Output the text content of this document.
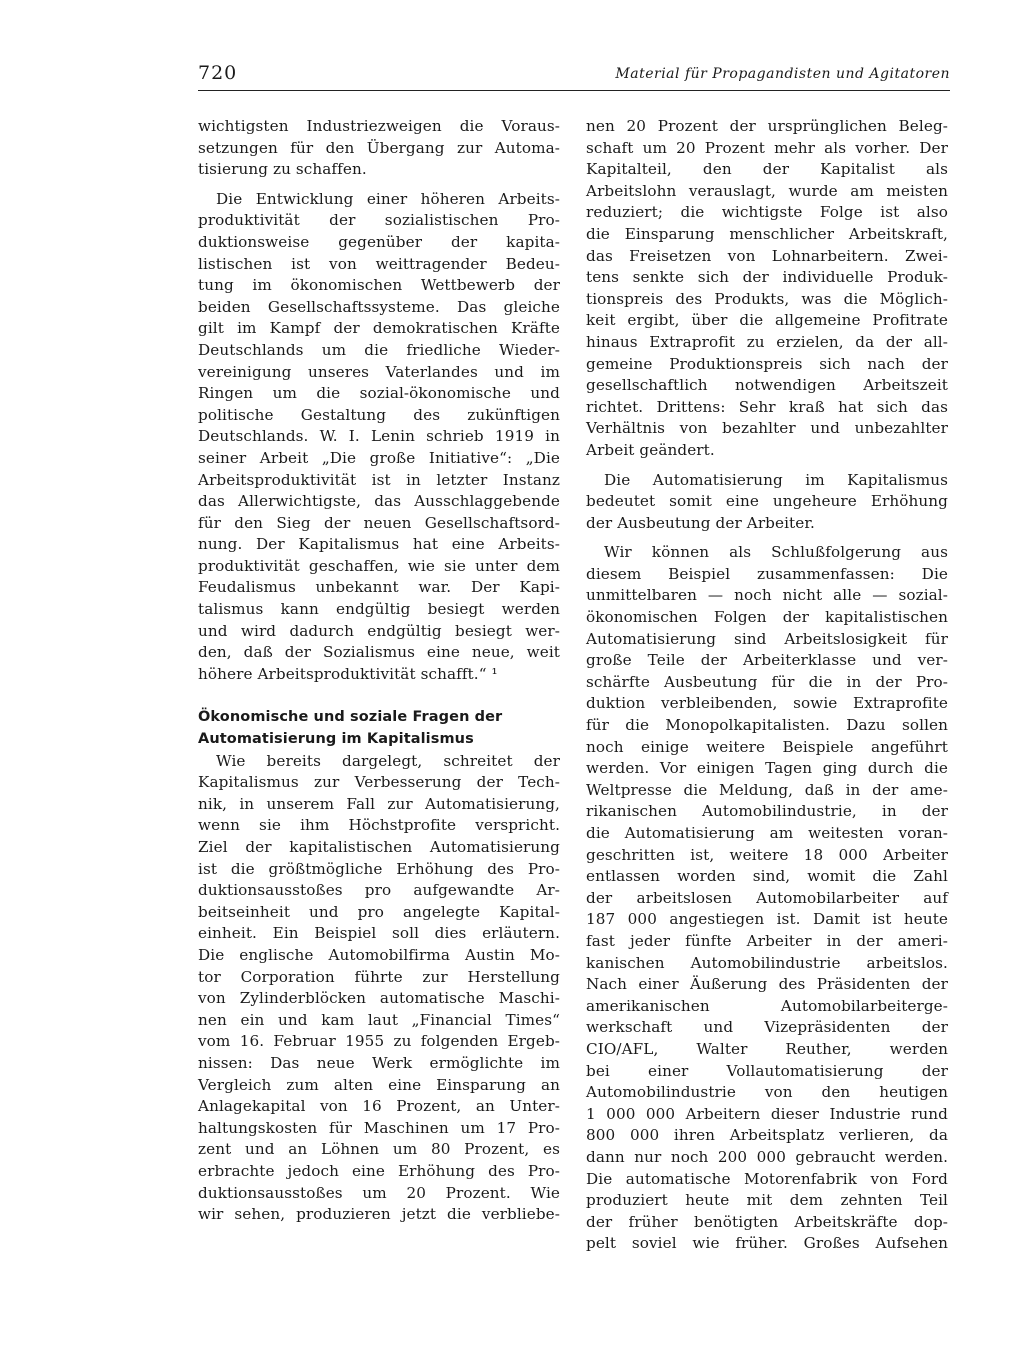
720	Material für Propagandisten und Agitatoren
wichtigsten Industriezweigen die Voraus-
setzungen für den Übergang zur Automa-
tisierung zu schaffen.
Die Entwicklung einer höheren Arbeits-
produktivität der sozialistischen Pro-
duktionsweise gegenüber der kapita-
listischen ist von weittragender Bedeu-
tung im ökonomischen Wettbewerb der
beiden Gesellschaftssysteme. Das gleiche
gilt im Kampf der demokratischen Kräfte
Deutschlands um die friedliche Wieder-
vereinigung unseres Vaterlandes und im
Ringen um die sozial-ökonomische und
politische Gestaltung des zukünftigen
Deutschlands. W. I. Lenin schrieb 1919 in
seiner Arbeit „Die große Initiative“: „Die
Arbeitsproduktivität ist in letzter Instanz
das Allerwichtigste, das Ausschlaggebende
für den Sieg der neuen Gesellschaftsord-
nung. Der Kapitalismus hat eine Arbeits-
produktivität geschaffen, wie sie unter dem
Feudalismus unbekannt war. Der Kapi-
talismus kann endgültig besiegt werden
und wird dadurch endgültig besiegt wer-
den, daß der Sozialismus eine neue, weit
höhere Arbeitsproduktivität schafft.“ ¹
Ökonomische und soziale Fragen der
Automatisierung im Kapitalismus
Wie bereits dargelegt, schreitet der
Kapitalismus zur Verbesserung der Tech-
nik, in unserem Fall zur Automatisierung,
wenn sie ihm Höchstprofite verspricht.
Ziel der kapitalistischen Automatisierung
ist die größtmögliche Erhöhung des Pro-
duktionsausstoßes pro aufgewandte Ar-
beitseinheit und pro angelegte Kapital-
einheit. Ein Beispiel soll dies erläutern.
Die englische Automobilfirma Austin Mo-
tor Corporation führte zur Herstellung
von Zylinderblöcken automatische Maschi-
nen ein und kam laut „Financial Times“
vom 16. Februar 1955 zu folgenden Ergeb-
nissen: Das neue Werk ermöglichte im
Vergleich zum alten eine Einsparung an
Anlagekapital von 16 Prozent, an Unter-
haltungskosten für Maschinen um 17 Pro-
zent und an Löhnen um 80 Prozent, es
erbrachte jedoch eine Erhöhung des Pro-
duktionsausstoßes um 20 Prozent. Wie
wir sehen, produzieren jetzt die verbliebe-
nen 20 Prozent der ursprünglichen Beleg-
schaft um 20 Prozent mehr als vorher. Der
Kapitalteil, den der Kapitalist als
Arbeitslohn verauslagt, wurde am meisten
reduziert; die wichtigste Folge ist also
die Einsparung menschlicher Arbeitskraft,
das Freisetzen von Lohnarbeitern. Zwei-
tens senkte sich der individuelle Produk-
tionspreis des Produkts, was die Möglich-
keit ergibt, über die allgemeine Profitrate
hinaus Extraprofit zu erzielen, da der all-
gemeine Produktionspreis sich nach der
gesellschaftlich notwendigen Arbeitszeit
richtet. Drittens: Sehr kraß hat sich das
Verhältnis von bezahlter und unbezahlter
Arbeit geändert.
Die Automatisierung im Kapitalismus
bedeutet somit eine ungeheure Erhöhung
der Ausbeutung der Arbeiter.
Wir können als Schlußfolgerung aus
diesem Beispiel zusammenfassen: Die
unmittelbaren — noch nicht alle — sozial-
ökonomischen Folgen der kapitalistischen
Automatisierung sind Arbeitslosigkeit für
große Teile der Arbeiterklasse und ver-
schärfte Ausbeutung für die in der Pro-
duktion verbleibenden, sowie Extraprofite
für die Monopolkapitalisten. Dazu sollen
noch einige weitere Beispiele angeführt
werden. Vor einigen Tagen ging durch die
Weltpresse die Meldung, daß in der ame-
rikanischen Automobilindustrie, in der
die Automatisierung am weitesten voran-
geschritten ist, weitere 18 000 Arbeiter
entlassen worden sind, womit die Zahl
der arbeitslosen Automobilarbeiter auf
187 000 angestiegen ist. Damit ist heute
fast jeder fünfte Arbeiter in der ameri-
kanischen Automobilindustrie arbeitslos.
Nach einer Äußerung des Präsidenten der
amerikanischen Automobilarbeiterge-
werkschaft und Vizepräsidenten der
CIO/AFL, Walter Reuther, werden
bei einer Vollautomatisierung der
Automobilindustrie von den heutigen
1 000 000 Arbeitern dieser Industrie rund
800 000 ihren Arbeitsplatz verlieren, da
dann nur noch 200 000 gebraucht werden.
Die automatische Motorenfabrik von Ford
produziert heute mit dem zehnten Teil
der früher benötigten Arbeitskräfte dop-
pelt soviel wie früher. Großes Aufsehen
